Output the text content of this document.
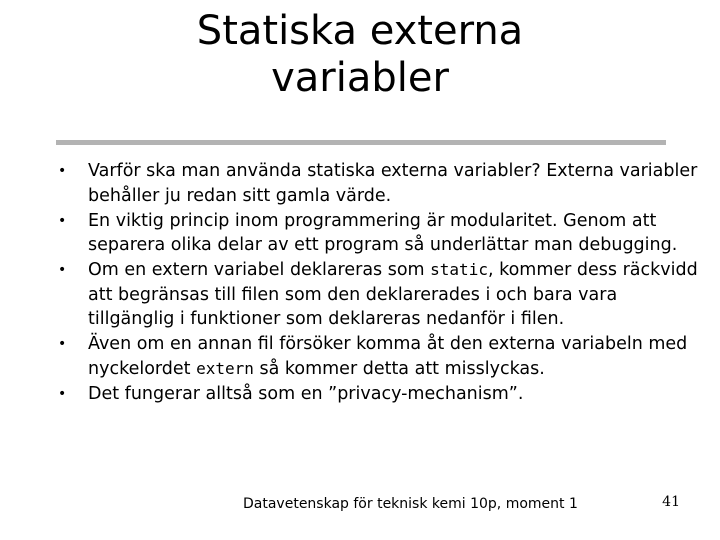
Statiska externa
variabler
•	Varför ska man använda statiska externa variabler? Externa variabler behåller ju redan sitt gamla värde.
•	En viktig princip inom programmering är modularitet. Genom att separera olika delar av ett program så underlättar man debugging.
•	Om en extern variabel deklareras som static, kommer dess räckvidd att begränsas till filen som den deklarerades i och bara vara tillgänglig i funktioner som deklareras nedanför i filen.
•	Även om en annan fil försöker komma åt den externa variabeln med nyckelordet extern så kommer detta att misslyckas.
•	Det fungerar alltså som en ”privacy-mechanism”.
Datavetenskap för teknisk kemi 10p, moment 1	41
